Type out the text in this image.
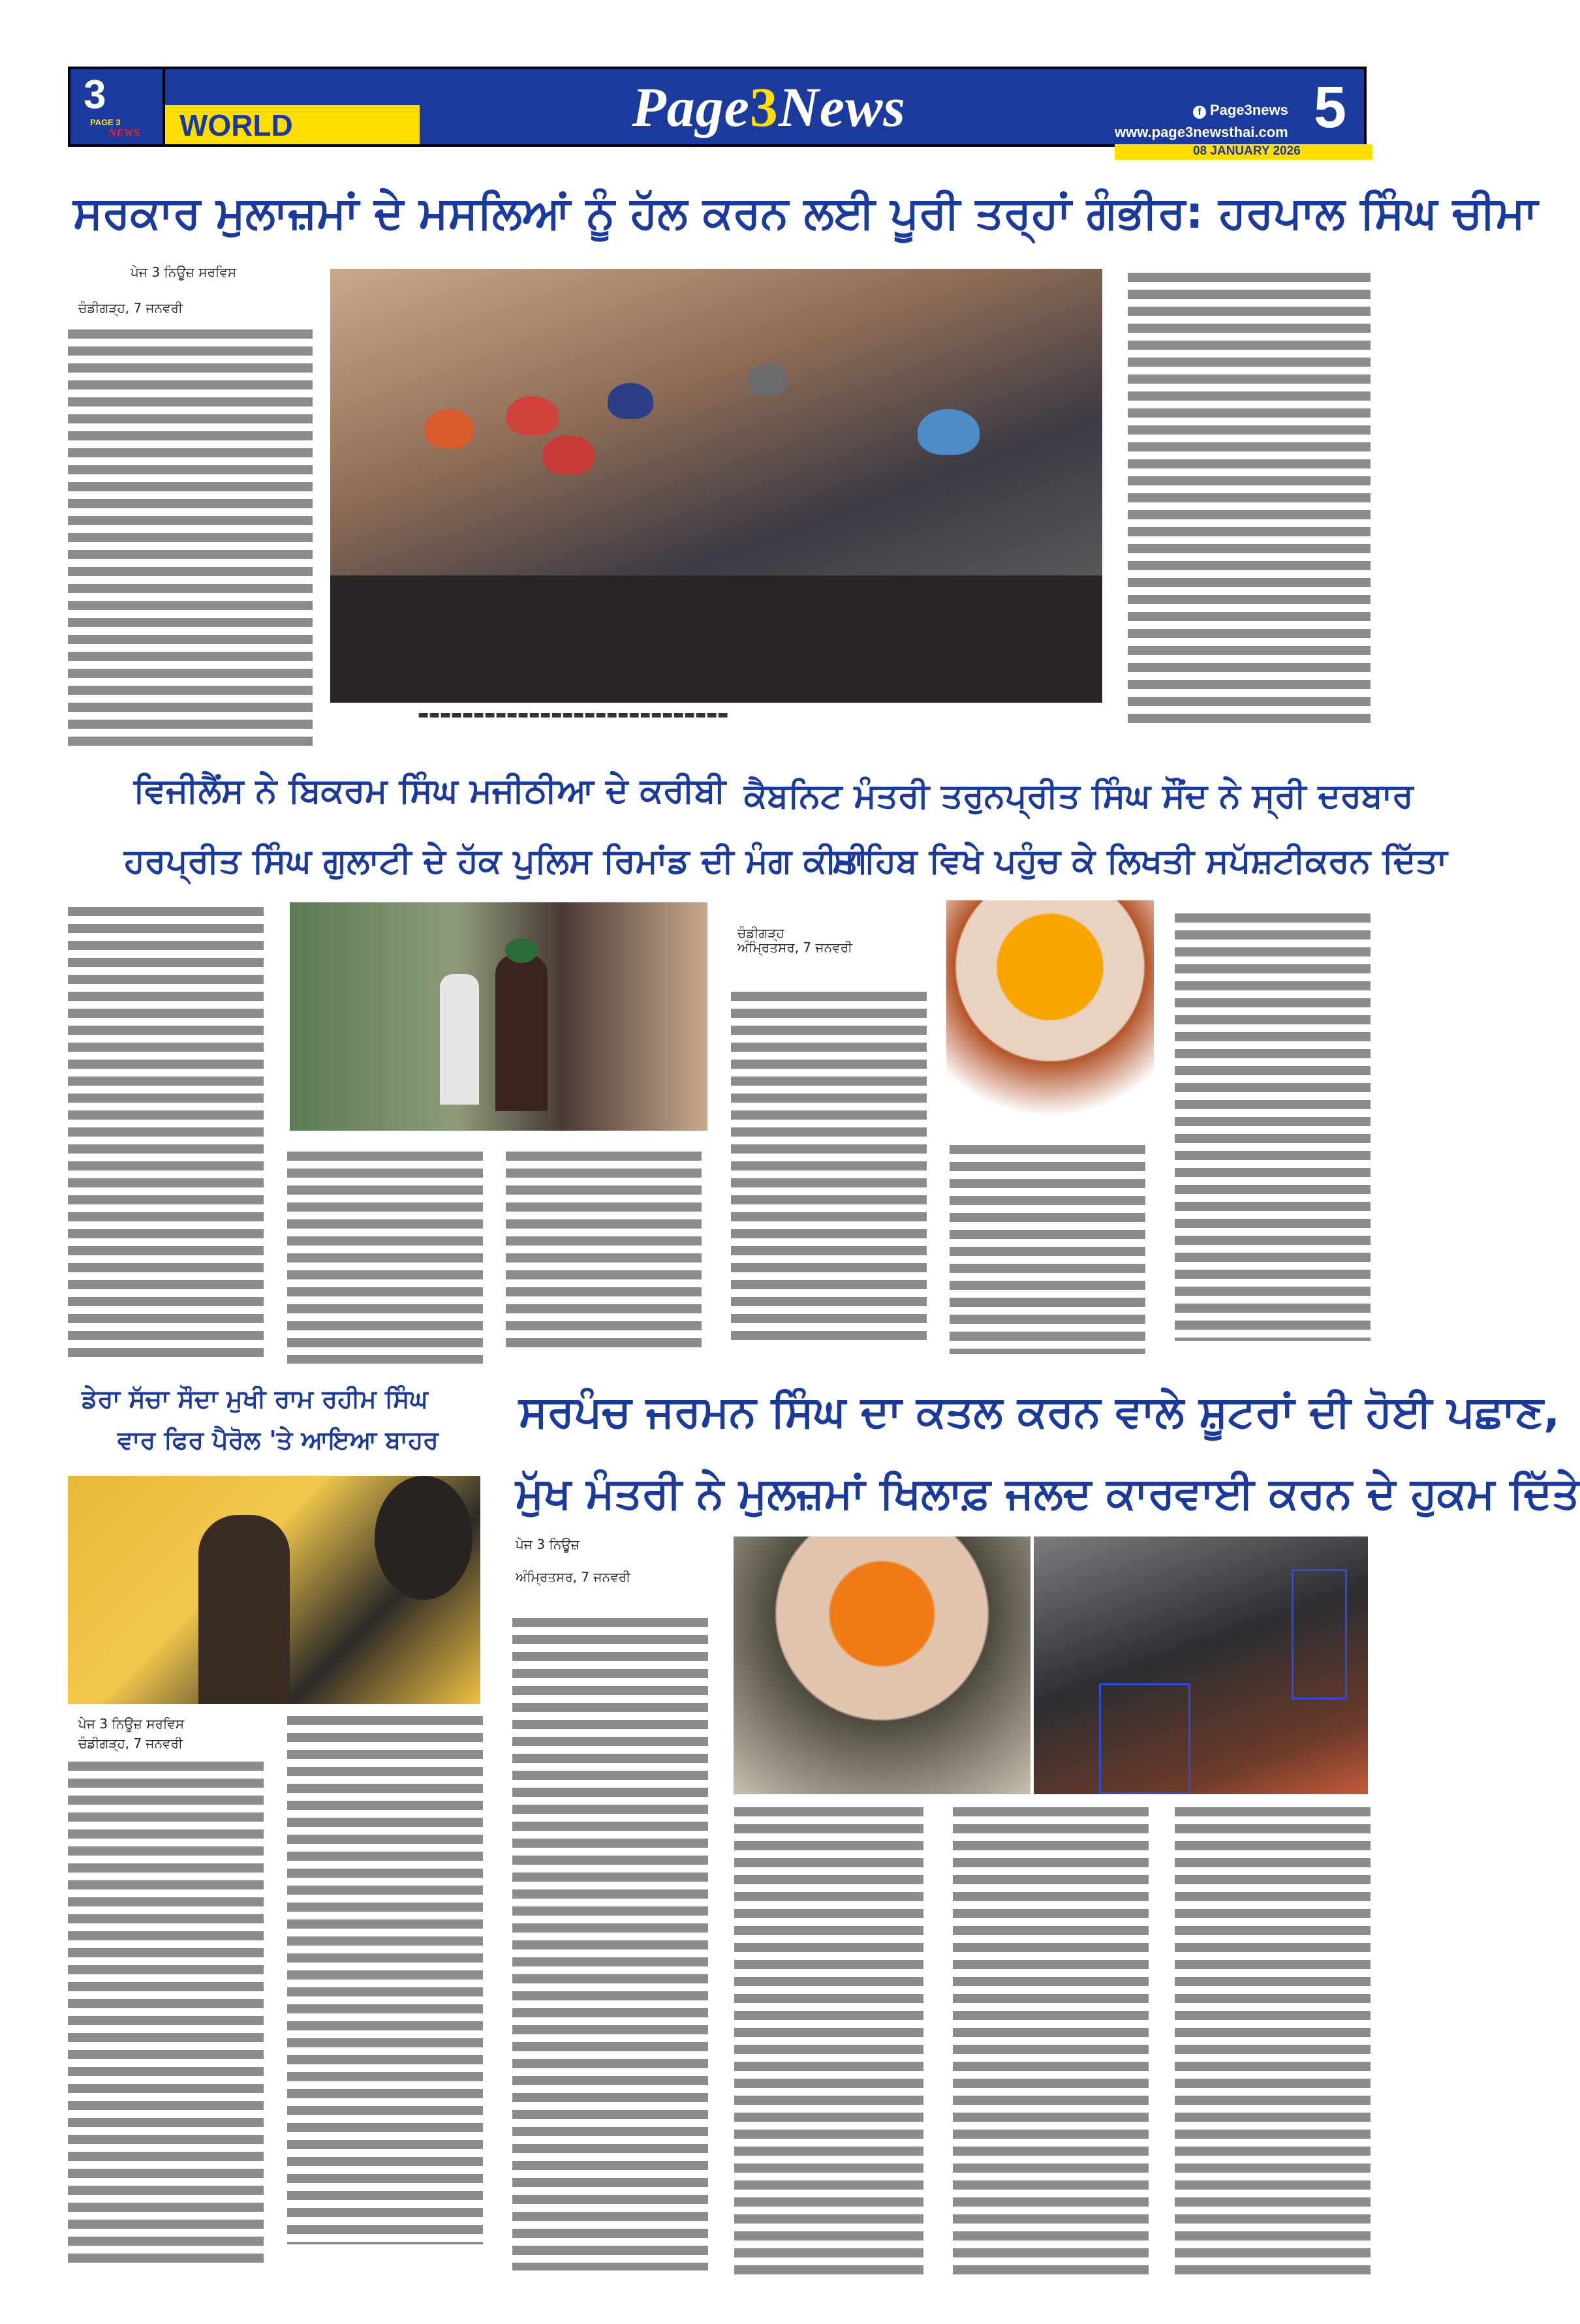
3
PAGE 3
NEWS WORLD	Page3News	f Page3news
www.page3newsthai.com 5
08 JANUARY 2026
ਸਰਕਾਰ ਮੁਲਾਜ਼ਮਾਂ ਦੇ ਮਸਲਿਆਂ ਨੂੰ ਹੱਲ ਕਰਨ ਲਈ ਪੂਰੀ ਤਰ੍ਹਾਂ ਗੰਭੀਰ: ਹਰਪਾਲ ਸਿੰਘ ਚੀਮਾ
ਪੇਜ 3 ਨਿਊਜ਼ ਸਰਵਿਸ
ਚੰਡੀਗੜ੍ਹ, 7 ਜਨਵਰੀ
▬▬▬▬▬▬▬▬▬▬▬▬▬▬▬▬▬▬▬▬▬▬▬▬▬▬▬▬
ਵਿਜੀਲੈਂਸ ਨੇ ਬਿਕਰਮ ਸਿੰਘ ਮਜੀਠੀਆ ਦੇ ਕਰੀਬੀ
ਹਰਪ੍ਰੀਤ ਸਿੰਘ ਗੁਲਾਟੀ ਦੇ ਹੱਕ ਪੁਲਿਸ ਰਿਮਾਂਡ ਦੀ ਮੰਗ ਕੀਤੀ
ਕੈਬਨਿਟ ਮੰਤਰੀ ਤਰੁਨਪ੍ਰੀਤ ਸਿੰਘ ਸੌਂਦ ਨੇ ਸ੍ਰੀ ਦਰਬਾਰ
ਸਾਹਿਬ ਵਿਖੇ ਪਹੁੰਚ ਕੇ ਲਿਖਤੀ ਸਪੱਸ਼ਟੀਕਰਨ ਦਿੱਤਾ
ਚੰਡੀਗੜ੍ਹ
ਅੰਮ੍ਰਿਤਸਰ, 7 ਜਨਵਰੀ
ਡੇਰਾ ਸੱਚਾ ਸੌਦਾ ਮੁਖੀ ਰਾਮ ਰਹੀਮ ਸਿੰਘ
ਵਾਰ ਫਿਰ ਪੈਰੋਲ 'ਤੇ ਆਇਆ ਬਾਹਰ
ਪੇਜ 3 ਨਿਊਜ਼ ਸਰਵਿਸ
ਚੰਡੀਗੜ੍ਹ, 7 ਜਨਵਰੀ
ਸਰਪੰਚ ਜਰਮਨ ਸਿੰਘ ਦਾ ਕਤਲ ਕਰਨ ਵਾਲੇ ਸ਼ੂਟਰਾਂ ਦੀ ਹੋਈ ਪਛਾਣ,
ਮੁੱਖ ਮੰਤਰੀ ਨੇ ਮੁਲਜ਼ਮਾਂ ਖਿਲਾਫ਼ ਜਲਦ ਕਾਰਵਾਈ ਕਰਨ ਦੇ ਹੁਕਮ ਦਿੱਤੇ
ਪੇਜ 3 ਨਿਊਜ਼
ਅੰਮ੍ਰਿਤਸਰ, 7 ਜਨਵਰੀ
